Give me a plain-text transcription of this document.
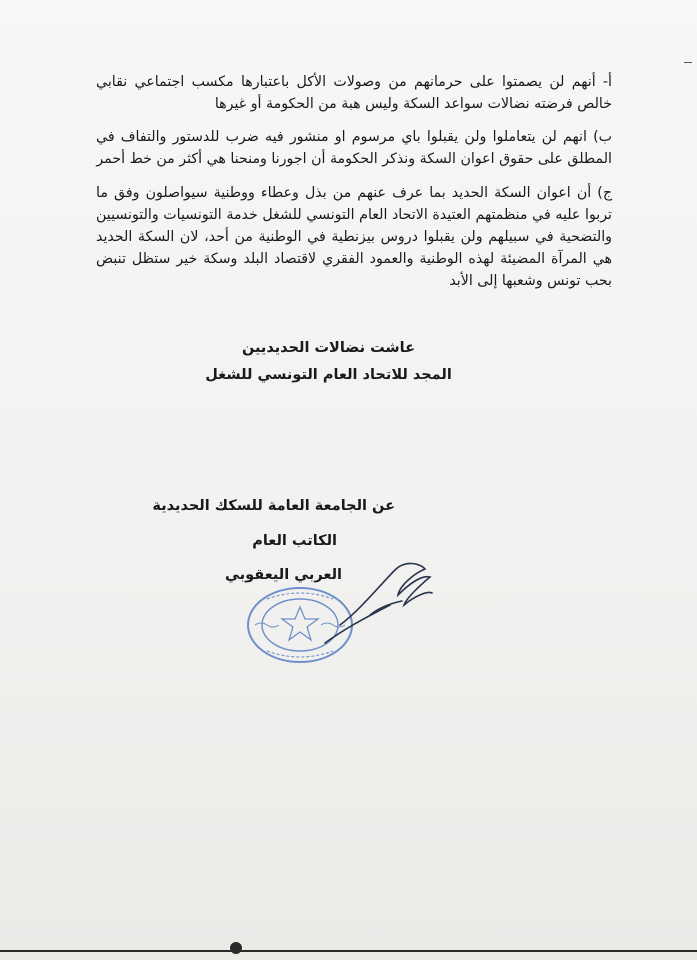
أ- أنهم لن يصمتوا على حرمانهم من وصولات الأكل باعتبارها مكسب اجتماعي نقابي خالص فرضته نضالات سواعد السكة وليس هبة من الحكومة أو غيرها

ب) انهم لن يتعاملوا ولن يقبلوا باي مرسوم او منشور فيه ضرب للدستور والتفاف في المطلق على حقوق اعوان السكة ونذكر الحكومة أن اجورنا ومنحنا هي أكثر من خط أحمر

ج) أن اعوان السكة الحديد بما عرف عنهم من بذل وعطاء ووطنية سيواصلون وفق ما تربوا عليه في منظمتهم العتيدة الاتحاد العام التونسي للشغل خدمة التونسيات والتونسيين والتضحية في سبيلهم ولن يقبلوا دروس بيزنطية في الوطنية من أحد، لان السكة الحديد هي المرآة المضيئة لهذه الوطنية والعمود الفقري لاقتصاد البلد وسكة خير ستظل تنبض بحب تونس وشعبها إلى الأبد

عاشت نضالات الحديديين

المجد للاتحاد العام التونسي للشغل

عن الجامعة العامة للسكك الحديدية

الكاتب العام

العربي اليعقوبي
